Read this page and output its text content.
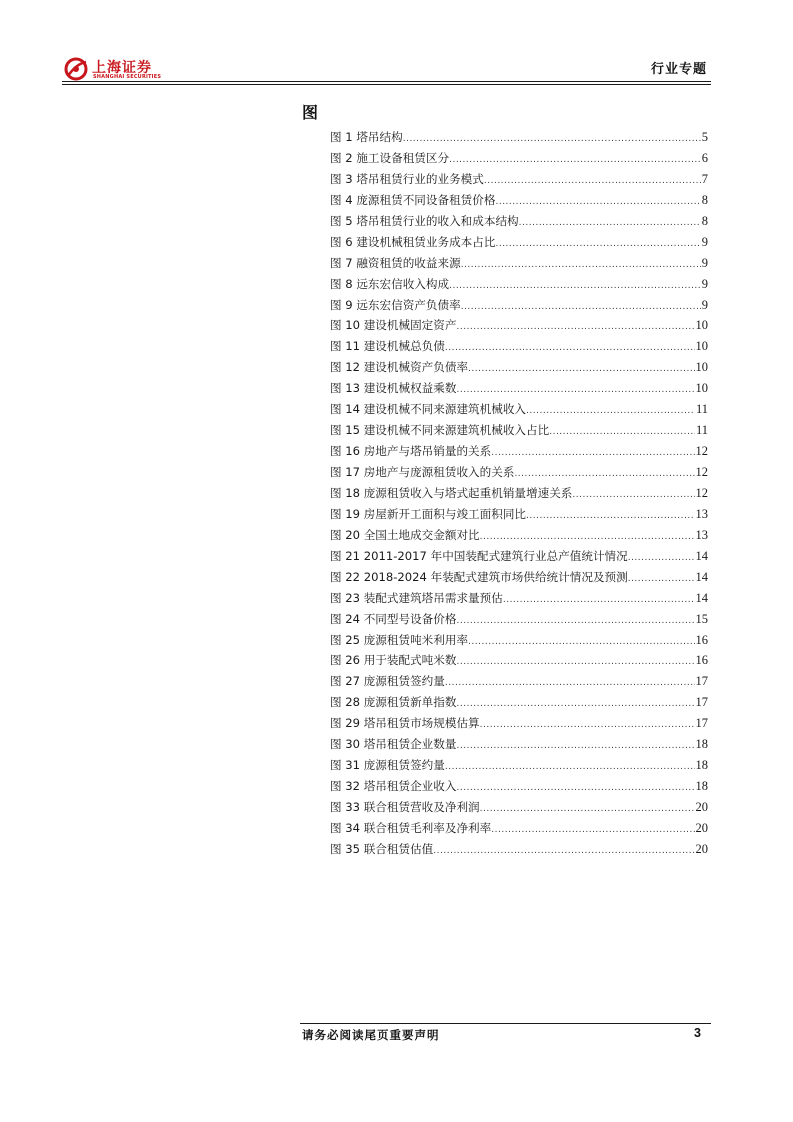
上海证券
SHANGHAI SECURITIES	行业专题
图
图 1 塔吊结构 .....	5
图 2 施工设备租赁区分 .....	6
图 3 塔吊租赁行业的业务模式 .....	7
图 4 庞源租赁不同设备租赁价格 .....	8
图 5 塔吊租赁行业的收入和成本结构 .....	8
图 6 建设机械租赁业务成本占比 .....	9
图 7 融资租赁的收益来源 .....	9
图 8 远东宏信收入构成 .....	9
图 9 远东宏信资产负债率 .....	9
图 10 建设机械固定资产 .....	10
图 11 建设机械总负债 .....	10
图 12 建设机械资产负债率 .....	10
图 13 建设机械权益乘数 .....	10
图 14 建设机械不同来源建筑机械收入 .....	11
图 15 建设机械不同来源建筑机械收入占比 .....	11
图 16 房地产与塔吊销量的关系 .....	12
图 17 房地产与庞源租赁收入的关系 .....	12
图 18 庞源租赁收入与塔式起重机销量增速关系 .....	12
图 19 房屋新开工面积与竣工面积同比 .....	13
图 20 全国土地成交金额对比 .....	13
图 21 2011-2017 年中国装配式建筑行业总产值统计情况 .....	14
图 22 2018-2024 年装配式建筑市场供给统计情况及预测 .....	14
图 23 装配式建筑塔吊需求量预估 .....	14
图 24 不同型号设备价格 .....	15
图 25 庞源租赁吨米利用率 .....	16
图 26 用于装配式吨米数 .....	16
图 27 庞源租赁签约量 .....	17
图 28 庞源租赁新单指数 .....	17
图 29 塔吊租赁市场规模估算 .....	17
图 30 塔吊租赁企业数量 .....	18
图 31 庞源租赁签约量 .....	18
图 32 塔吊租赁企业收入 .....	18
图 33 联合租赁营收及净利润 .....	20
图 34 联合租赁毛利率及净利率 .....	20
图 35 联合租赁估值 .....	20
请务必阅读尾页重要声明	3
